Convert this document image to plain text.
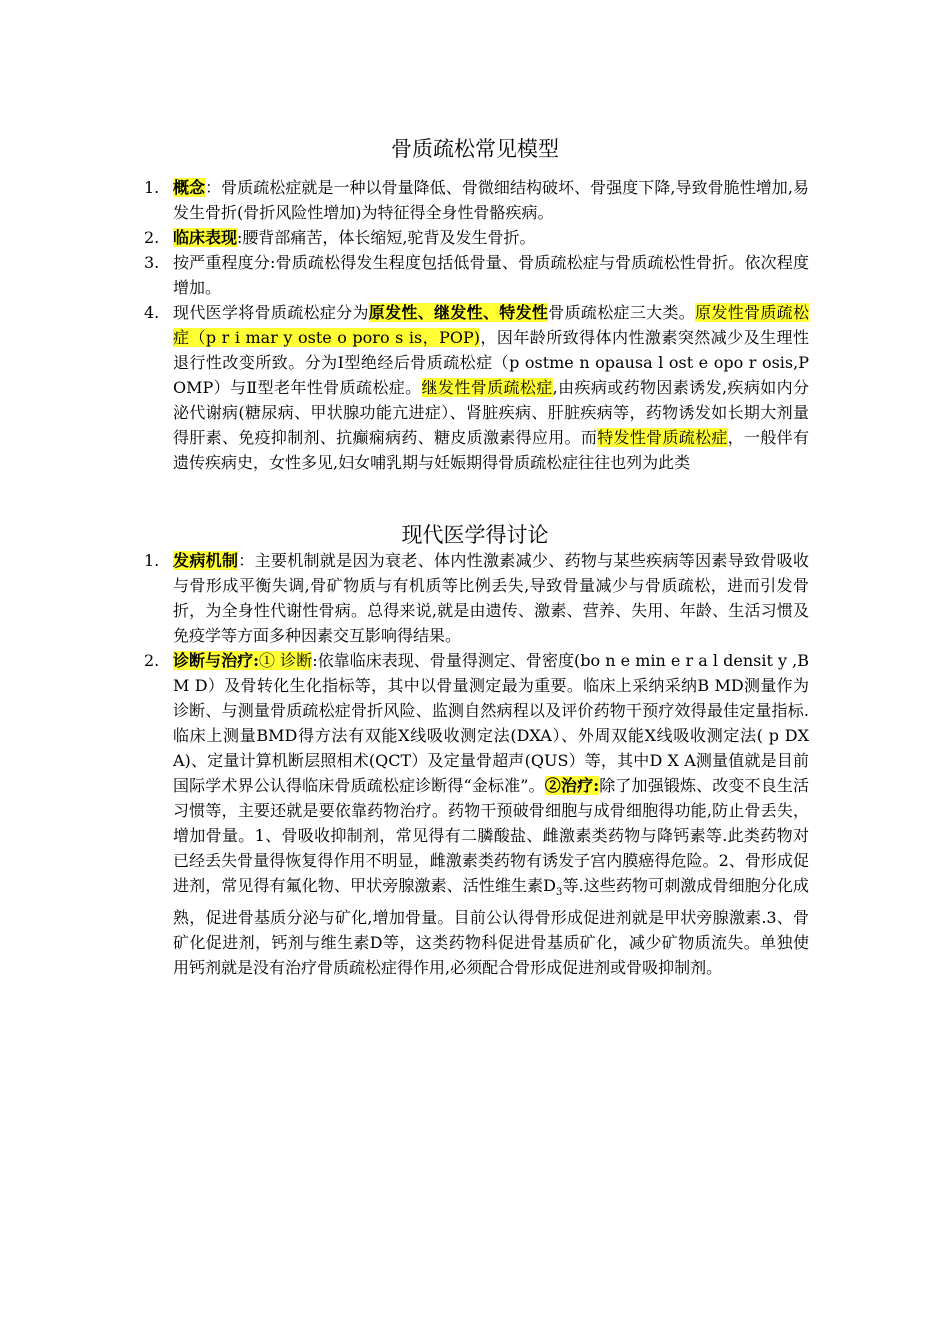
骨质疏松常见模型
1. 概念：骨质疏松症就是一种以骨量降低、骨微细结构破坏、骨强度下降,导致骨脆性增加,易发生骨折(骨折风险性增加)为特征得全身性骨骼疾病。
2. 临床表现:腰背部痛苦，体长缩短,驼背及发生骨折。
3. 按严重程度分:骨质疏松得发生程度包括低骨量、骨质疏松症与骨质疏松性骨折。依次程度增加。
4. 现代医学将骨质疏松症分为原发性、继发性、特发性骨质疏松症三大类。原发性骨质疏松症（p r i mar y oste o poro s is，POP)，因年龄所致得体内性激素突然减少及生理性退行性改变所致。分为Ⅰ型绝经后骨质疏松症（p ostme n opausa l ost e opo r osis,P OMP）与Ⅱ型老年性骨质疏松症。继发性骨质疏松症,由疾病或药物因素诱发,疾病如内分泌代谢病(糖尿病、甲状腺功能亢进症）、肾脏疾病、肝脏疾病等，药物诱发如长期大剂量得肝素、免疫抑制剂、抗癫痫病药、糖皮质激素得应用。而特发性骨质疏松症，一般伴有遗传疾病史，女性多见,妇女哺乳期与妊娠期得骨质疏松症往往也列为此类
现代医学得讨论
1. 发病机制：主要机制就是因为衰老、体内性激素减少、药物与某些疾病等因素导致骨吸收与骨形成平衡失调,骨矿物质与有机质等比例丢失,导致骨量减少与骨质疏松，进而引发骨折，为全身性代谢性骨病。总得来说,就是由遗传、激素、营养、失用、年龄、生活习惯及免疫学等方面多种因素交互影响得结果。
2. 诊断与治疗:① 诊断:依靠临床表现、骨量得测定、骨密度(bo n e min e r a l densit y ,B M D）及骨转化生化指标等，其中以骨量测定最为重要。临床上采纳采纳B MD测量作为诊断、与测量骨质疏松症骨折风险、监测自然病程以及评价药物干预疗效得最佳定量指标.临床上测量BMD得方法有双能X线吸收测定法(DXA）、外周双能X线吸收测定法( p DX A)、定量计算机断层照相术(QCT）及定量骨超声(QUS）等，其中D X A测量值就是目前国际学术界公认得临床骨质疏松症诊断得“金标准”。②治疗:除了加强锻炼、改变不良生活习惯等，主要还就是要依靠药物治疗。药物干预破骨细胞与成骨细胞得功能,防止骨丢失，增加骨量。1、骨吸收抑制剂，常见得有二膦酸盐、雌激素类药物与降钙素等.此类药物对已经丢失骨量得恢复得作用不明显，雌激素类药物有诱发子宫内膜癌得危险。2、骨形成促进剂，常见得有氟化物、甲状旁腺激素、活性维生素$D_3$等.这些药物可刺激成骨细胞分化成熟，促进骨基质分泌与矿化,增加骨量。目前公认得骨形成促进剂就是甲状旁腺激素.3、骨矿化促进剂，钙剂与维生素D等，这类药物科促进骨基质矿化，减少矿物质流失。单独使用钙剂就是没有治疗骨质疏松症得作用,必须配合骨形成促进剂或骨吸抑制剂。
